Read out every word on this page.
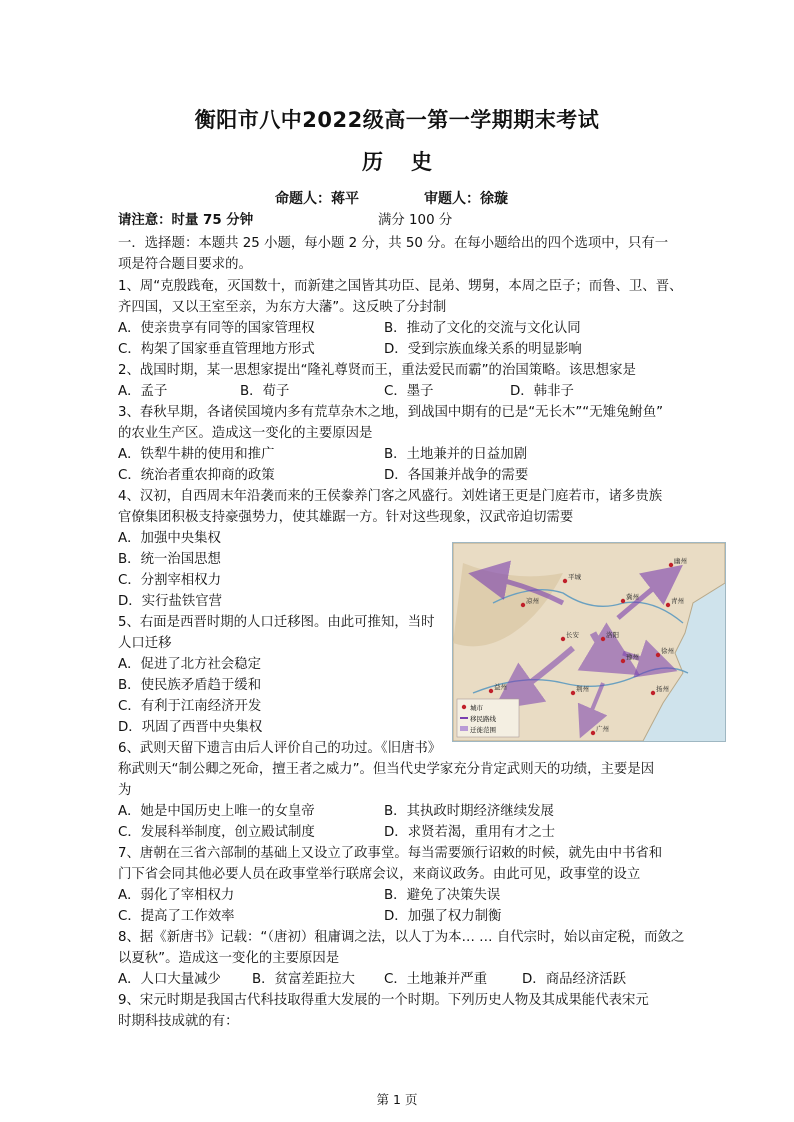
衡阳市八中2022级高一第一学期期末考试
历 史
命题人：蒋平	审题人：徐璇
请注意：时量 75 分钟	满分 100 分
一．选择题：本题共 25 小题，每小题 2 分，共 50 分。在每小题给出的四个选项中，只有一
项是符合题目要求的。
1、周“克殷践奄，灭国数十，而新建之国皆其功臣、昆弟、甥舅，本周之臣子；而鲁、卫、晋、
齐四国，又以王室至亲，为东方大藩”。这反映了分封制
A．使亲贵享有同等的国家管理权	B．推动了文化的交流与文化认同
C．构架了国家垂直管理地方形式	D．受到宗族血缘关系的明显影响
2、战国时期，某一思想家提出“隆礼尊贤而王，重法爱民而霸”的治国策略。该思想家是
A．孟子	B．荀子	C．墨子	D．韩非子
3、春秋早期，各诸侯国境内多有荒草杂木之地，到战国中期有的已是“无长木”“无雉兔鲋鱼”
的农业生产区。造成这一变化的主要原因是
A．铁犁牛耕的使用和推广	B．土地兼并的日益加剧
C．统治者重农抑商的政策	D．各国兼并战争的需要
4、汉初，自西周末年沿袭而来的王侯豢养门客之风盛行。刘姓诸王更是门庭若市，诸多贵族
官僚集团积极支持豪强势力，使其雄踞一方。针对这些现象，汉武帝迫切需要
A．加强中央集权
B．统一治国思想
C．分割宰相权力
D．实行盐铁官营
5、右面是西晋时期的人口迁移图。由此可推知，当时
人口迁移
A．促进了北方社会稳定
B．使民族矛盾趋于缓和
C．有利于江南经济开发
D．巩固了西晋中央集权
平城
幽州
凉州	冀州	青州
长安	洛阳
豫州
徐州
益州	荆州	扬州
广州
城市
移民路线
迁徙范围
6、武则天留下遗言由后人评价自己的功过。《旧唐书》
称武则天“制公卿之死命，擅王者之威力”。但当代史学家充分肯定武则天的功绩，主要是因
为
A．她是中国历史上唯一的女皇帝	B．其执政时期经济继续发展
C．发展科举制度，创立殿试制度	D．求贤若渴，重用有才之士
7、唐朝在三省六部制的基础上又设立了政事堂。每当需要颁行诏敕的时候，就先由中书省和
门下省会同其他必要人员在政事堂举行联席会议，来商议政务。由此可见，政事堂的设立
A．弱化了宰相权力	B．避免了决策失误
C．提高了工作效率	D．加强了权力制衡
8、据《新唐书》记载：“（唐初）租庸调之法，以人丁为本… … 自代宗时，始以亩定税，而敛之
以夏秋”。造成这一变化的主要原因是
A．人口大量减少 B．贫富差距拉大 C．土地兼并严重	D．商品经济活跃
9、宋元时期是我国古代科技取得重大发展的一个时期。下列历史人物及其成果能代表宋元
时期科技成就的有：
第 1 页
